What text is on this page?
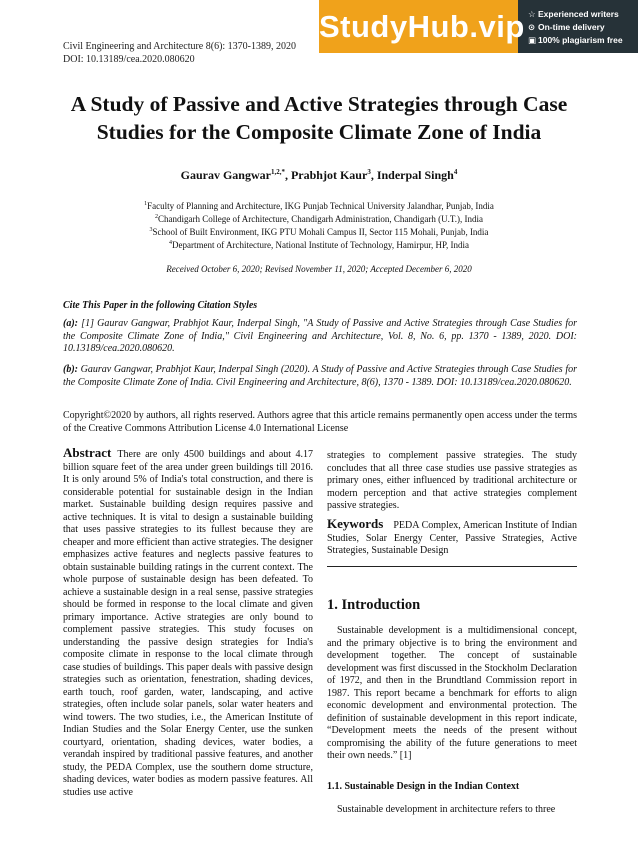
Civil Engineering and Architecture 8(6): 1370-1389, 2020
DOI: 10.13189/cea.2020.080620
StudyHub.vip ☆ Experienced writers
⊙ On-time delivery
▣ 100% plagiarism free
A Study of Passive and Active Strategies through Case
Studies for the Composite Climate Zone of India
Gaurav Gangwar$^{1,2,*}$, Prabhjot Kaur$^3$, Inderpal Singh$^4$
$^1$Faculty of Planning and Architecture, IKG Punjab Technical University Jalandhar, Punjab, India
$^2$Chandigarh College of Architecture, Chandigarh Administration, Chandigarh (U.T.), India
$^3$School of Built Environment, IKG PTU Mohali Campus II, Sector 115 Mohali, Punjab, India
$^4$Department of Architecture, National Institute of Technology, Hamirpur, HP, India
Received October 6, 2020; Revised November 11, 2020; Accepted December 6, 2020
Cite This Paper in the following Citation Styles
(a): [1] Gaurav Gangwar, Prabhjot Kaur, Inderpal Singh, "A Study of Passive and Active Strategies through Case Studies for the Composite Climate Zone of India," Civil Engineering and Architecture, Vol. 8, No. 6, pp. 1370 - 1389, 2020. DOI: 10.13189/cea.2020.080620.
(b): Gaurav Gangwar, Prabhjot Kaur, Inderpal Singh (2020). A Study of Passive and Active Strategies through Case Studies for the Composite Climate Zone of India. Civil Engineering and Architecture, 8(6), 1370 - 1389. DOI: 10.13189/cea.2020.080620.
Copyright©2020 by authors, all rights reserved. Authors agree that this article remains permanently open access under the terms of the Creative Commons Attribution License 4.0 International License
Abstract There are only 4500 buildings and about 4.17 billion square feet of the area under green buildings till 2016. It is only around 5% of India's total construction, and there is considerable potential for sustainable design in the Indian market. Sustainable building design requires passive and active techniques. It is vital to design a sustainable building that uses passive strategies to its fullest because they are cheaper and more efficient than active strategies. The designer emphasizes active features and neglects passive features to obtain sustainable building ratings in the current context. The whole purpose of sustainable design has been defeated. To achieve a sustainable design in a real sense, passive strategies should be formed in response to the local climate and given primary importance. Active strategies are only bound to complement passive strategies. This study focuses on understanding the passive design strategies for India's composite climate in response to the local climate through case studies of buildings. This paper deals with passive design strategies such as orientation, fenestration, shading devices, earth touch, roof garden, water, landscaping, and active strategies, often include solar panels, solar water heaters and wind towers. The two studies, i.e., the American Institute of Indian Studies and the Solar Energy Center, use the sunken courtyard, orientation, shading devices, water bodies, a verandah inspired by traditional passive features, and another study, the PEDA Complex, use the southern dome structure, shading devices, water bodies as modern passive features. All studies use active
strategies to complement passive strategies. The study concludes that all three case studies use passive strategies as primary ones, either influenced by traditional architecture or modern perception and that active strategies complement passive strategies.
Keywords PEDA Complex, American Institute of Indian Studies, Solar Energy Center, Passive Strategies, Active Strategies, Sustainable Design
1. Introduction

Sustainable development is a multidimensional concept, and the primary objective is to bring the environment and development together. The concept of sustainable development was first discussed in the Stockholm Declaration of 1972, and then in the Brundtland Commission report in 1987. This report became a benchmark for efforts to align economic development and environmental protection. The definition of sustainable development in this report indicate, “Development meets the needs of the present without compromising the ability of the future generations to meet their own needs.” [1]

1.1. Sustainable Design in the Indian Context

Sustainable development in architecture refers to three
